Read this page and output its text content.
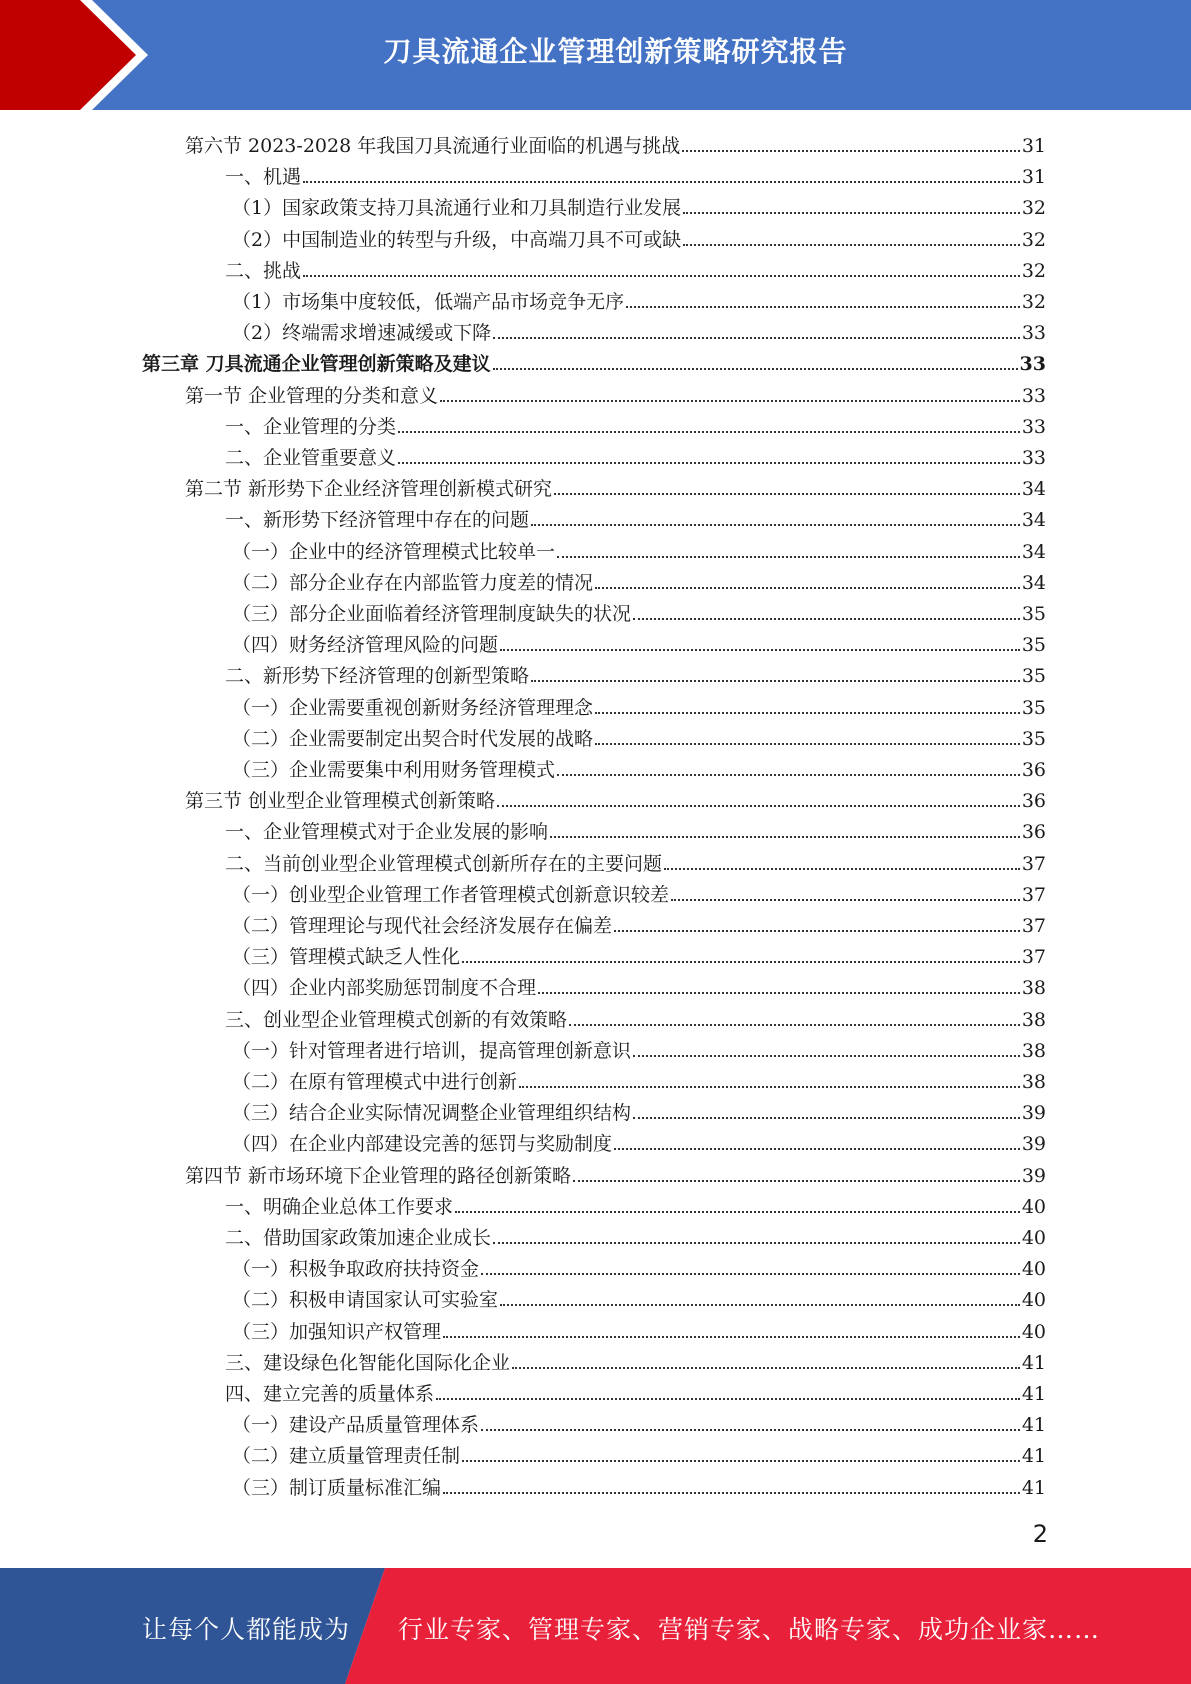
刀具流通企业管理创新策略研究报告
第六节 2023-2028 年我国刀具流通行业面临的机遇与挑战	31
一、机遇	31
（1）国家政策支持刀具流通行业和刀具制造行业发展	32
（2）中国制造业的转型与升级，中高端刀具不可或缺	32
二、挑战	32
（1）市场集中度较低，低端产品市场竞争无序	32
（2）终端需求增速减缓或下降	33
第三章 刀具流通企业管理创新策略及建议	33
第一节 企业管理的分类和意义	33
一、企业管理的分类	33
二、企业管重要意义	33
第二节 新形势下企业经济管理创新模式研究	34
一、新形势下经济管理中存在的问题	34
（一）企业中的经济管理模式比较单一	34
（二）部分企业存在内部监管力度差的情况	34
（三）部分企业面临着经济管理制度缺失的状况	35
（四）财务经济管理风险的问题	35
二、新形势下经济管理的创新型策略	35
（一）企业需要重视创新财务经济管理理念	35
（二）企业需要制定出契合时代发展的战略	35
（三）企业需要集中利用财务管理模式	36
第三节 创业型企业管理模式创新策略	36
一、企业管理模式对于企业发展的影响	36
二、当前创业型企业管理模式创新所存在的主要问题	37
（一）创业型企业管理工作者管理模式创新意识较差	37
（二）管理理论与现代社会经济发展存在偏差	37
（三）管理模式缺乏人性化	37
（四）企业内部奖励惩罚制度不合理	38
三、创业型企业管理模式创新的有效策略	38
（一）针对管理者进行培训，提高管理创新意识	38
（二）在原有管理模式中进行创新	38
（三）结合企业实际情况调整企业管理组织结构	39
（四）在企业内部建设完善的惩罚与奖励制度	39
第四节 新市场环境下企业管理的路径创新策略	39
一、明确企业总体工作要求	40
二、借助国家政策加速企业成长	40
（一）积极争取政府扶持资金	40
（二）积极申请国家认可实验室	40
（三）加强知识产权管理	40
三、建设绿色化智能化国际化企业	41
四、建立完善的质量体系	41
（一）建设产品质量管理体系	41
（二）建立质量管理责任制	41
（三）制订质量标准汇编	41
2
让每个人都能成为 行业专家、管理专家、营销专家、战略专家、成功企业家……
